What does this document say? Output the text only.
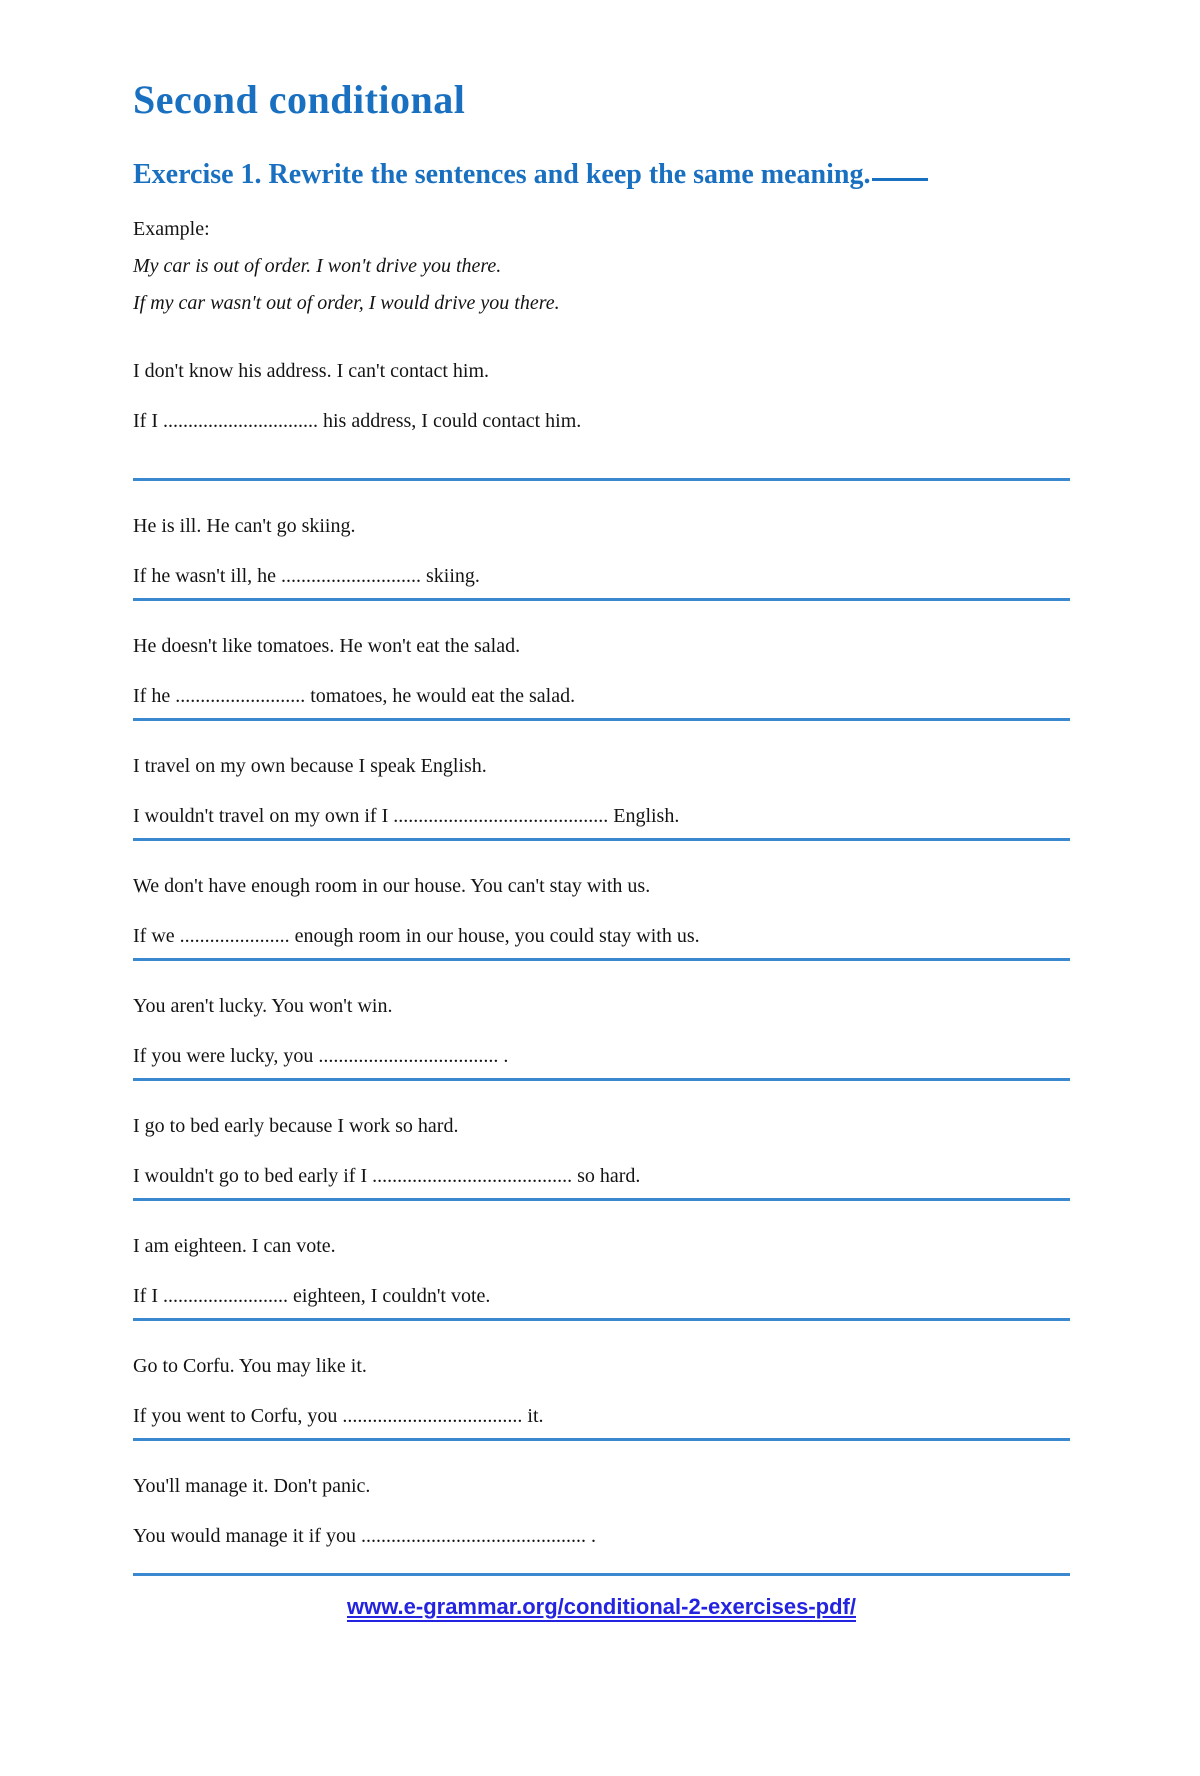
Second conditional
Exercise 1. Rewrite the sentences and keep the same meaning.

Example:

My car is out of order. I won't drive you there.

If my car wasn't out of order, I would drive you there.

I don't know his address. I can't contact him.

If I ............................... his address, I could contact him.

He is ill. He can't go skiing.

If he wasn't ill, he ............................ skiing.

He doesn't like tomatoes. He won't eat the salad.

If he .......................... tomatoes, he would eat the salad.

I travel on my own because I speak English.

I wouldn't travel on my own if I ........................................... English.

We don't have enough room in our house. You can't stay with us.

If we ...................... enough room in our house, you could stay with us.

You aren't lucky. You won't win.

If you were lucky, you .................................... .

I go to bed early because I work so hard.

I wouldn't go to bed early if I ........................................ so hard.

I am eighteen. I can vote.

If I ......................... eighteen, I couldn't vote.

Go to Corfu. You may like it.

If you went to Corfu, you .................................... it.

You'll manage it. Don't panic.

You would manage it if you ............................................. .

www.e-grammar.org/conditional-2-exercises-pdf/
